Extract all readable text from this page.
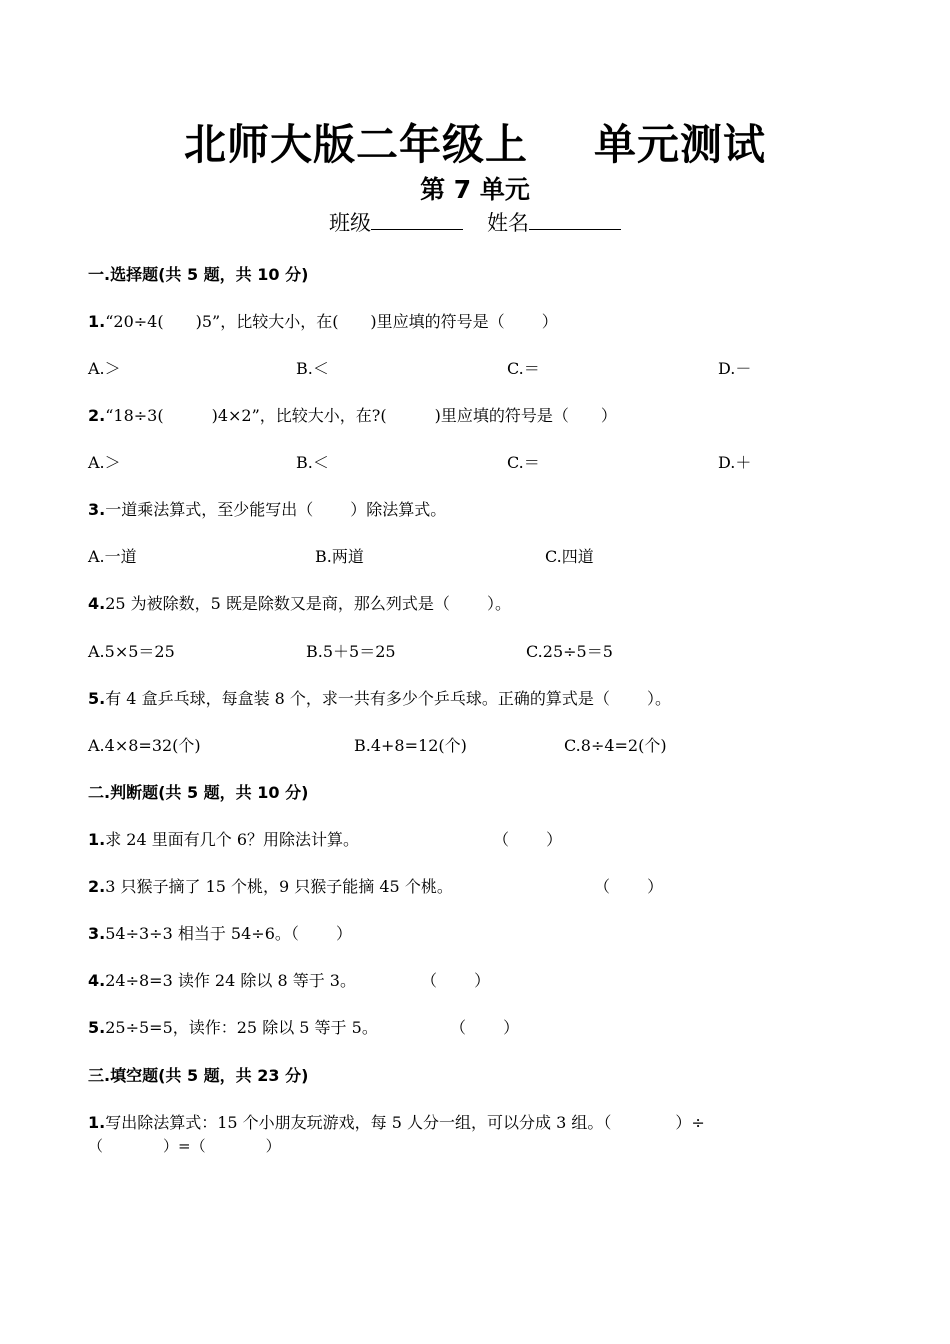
北师大版二年级上 单元测试
第 7 单元
班级	姓名
一.选择题(共 5 题，共 10 分)
1.“20÷4(　　)5”，比较大小，在(　　)里应填的符号是（　　 ）
A.＞	B.＜	C.＝	D.－
2.“18÷3(　　　)4×2”，比较大小，在?(　　　)里应填的符号是（　　）
A.＞	B.＜	C.＝	D.＋
3.一道乘法算式，至少能写出（　　 ）除法算式。
A.一道	B.两道	C.四道
4.25 为被除数，5 既是除数又是商，那么列式是（　　 ）。
A.5×5＝25	B.5＋5＝25	C.25÷5＝5
5.有 4 盒乒乓球，每盒装 8 个，求一共有多少个乒乓球。正确的算式是（　　 ）。
A.4×8=32(个)	B.4+8=12(个)	C.8÷4=2(个)
二.判断题(共 5 题，共 10 分)
1.求 24 里面有几个 6？用除法计算。	（　　 ）
2.3 只猴子摘了 15 个桃，9 只猴子能摘 45 个桃。	（　　 ）
3.54÷3÷3 相当于 54÷6。（　　 ）
4.24÷8=3 读作 24 除以 8 等于 3。	（　　 ）
5.25÷5=5，读作：25 除以 5 等于 5。	（　　 ）
三.填空题(共 5 题，共 23 分)
1.写出除法算式：15 个小朋友玩游戏，每 5 人分一组，可以分成 3 组。（　　　　）÷
（　　　　）=（　　　　）
